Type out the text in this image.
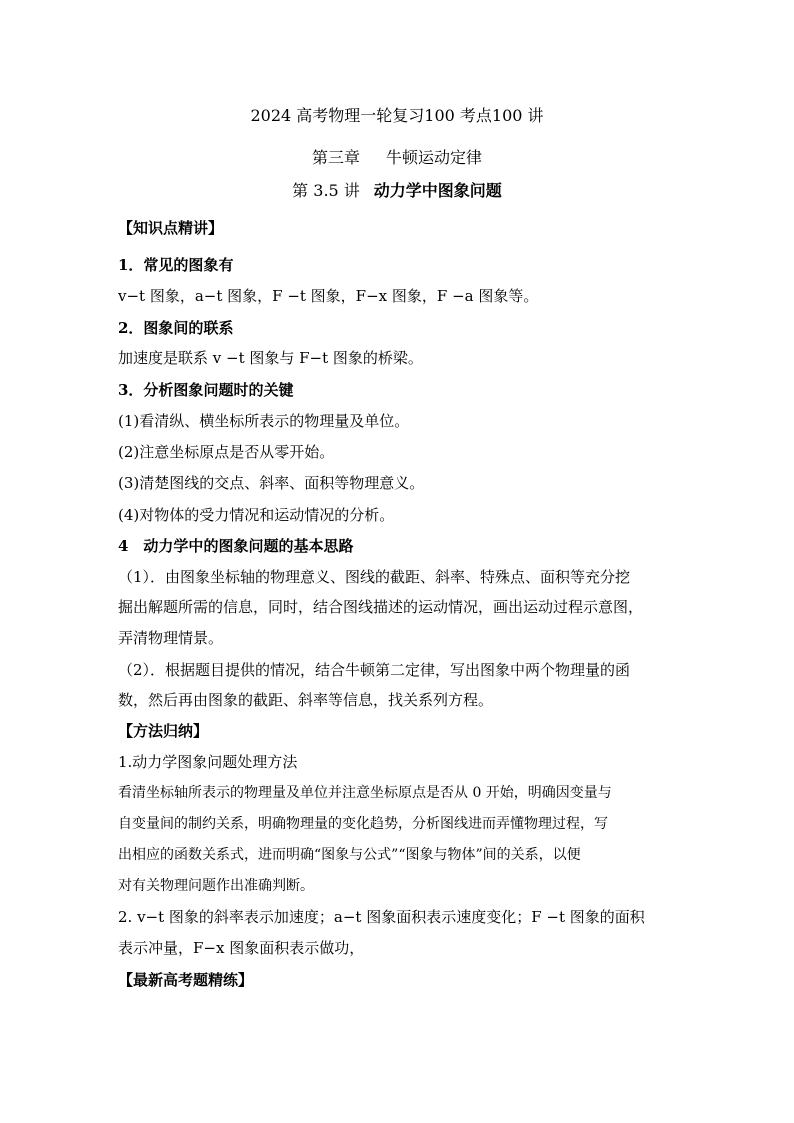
2024 高考物理一轮复习100 考点100 讲
第三章 牛顿运动定律
第 3.5 讲 动力学中图象问题
【知识点精讲】
1．常见的图象有
v−t 图象，a−t 图象，F −t 图象，F−x 图象，F −a 图象等。
2．图象间的联系
加速度是联系 v −t 图象与 F−t 图象的桥梁。
3．分析图象问题时的关键
(1)看清纵、横坐标所表示的物理量及单位。
(2)注意坐标原点是否从零开始。
(3)清楚图线的交点、斜率、面积等物理意义。
(4)对物体的受力情况和运动情况的分析。
4　动力学中的图象问题的基本思路
（1）．由图象坐标轴的物理意义、图线的截距、斜率、特殊点、面积等充分挖
掘出解题所需的信息，同时，结合图线描述的运动情况，画出运动过程示意图，
弄清物理情景。
（2）．根据题目提供的情况，结合牛顿第二定律，写出图象中两个物理量的函
数，然后再由图象的截距、斜率等信息，找关系列方程。
【方法归纳】
1.动力学图象问题处理方法
看清坐标轴所表示的物理量及单位并注意坐标原点是否从 0 开始，明确因变量与
自变量间的制约关系，明确物理量的变化趋势，分析图线进而弄懂物理过程，写
出相应的函数关系式，进而明确“图象与公式”“图象与物体”间的关系，以便
对有关物理问题作出准确判断。
2. v−t 图象的斜率表示加速度；a−t 图象面积表示速度变化；F −t 图象的面积
表示冲量，F−x 图象面积表示做功，
【最新高考题精练】
